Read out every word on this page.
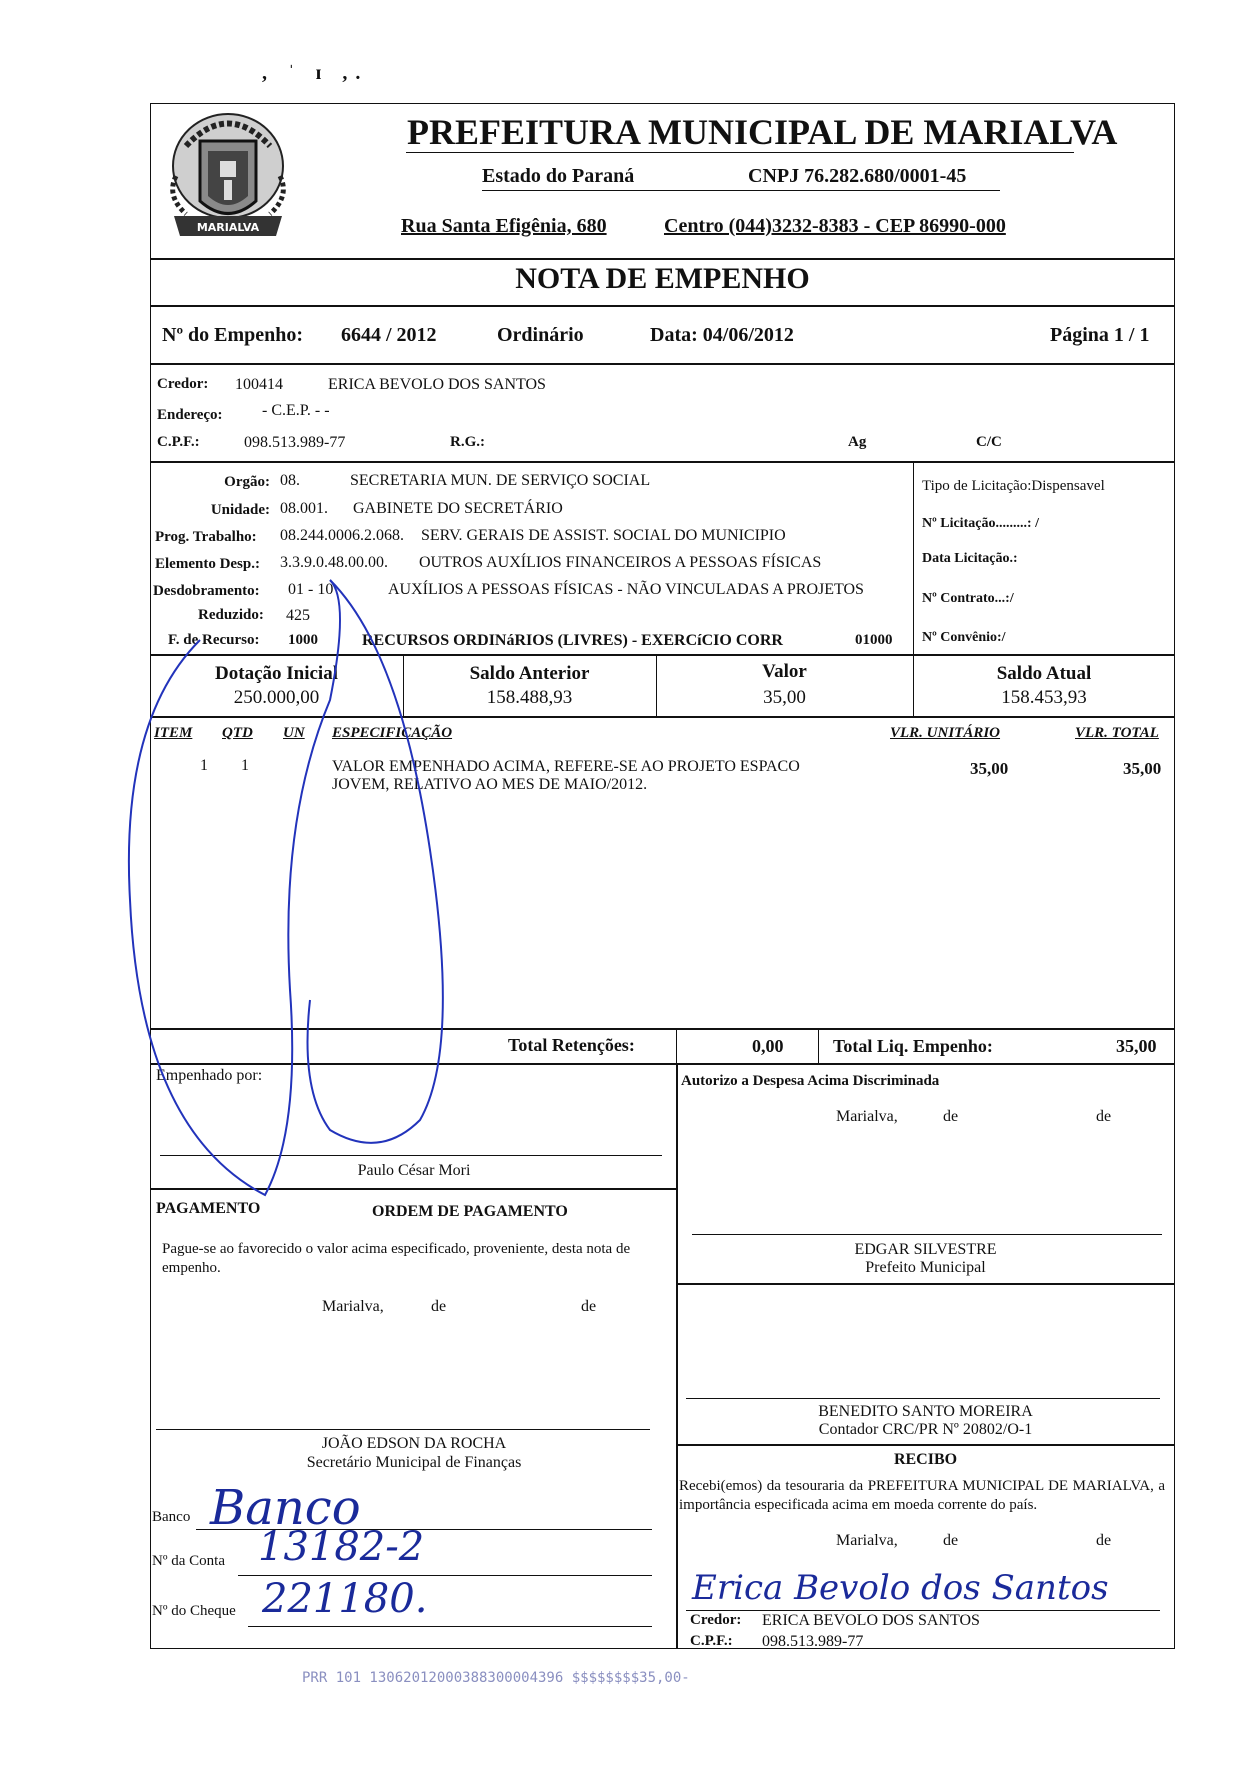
, ˈ ɪ ,.
MARIALVA
PREFEITURA MUNICIPAL DE MARIALVA
Estado do Paraná	CNPJ 76.282.680/0001-45
Rua Santa Efigênia, 680	Centro (044)3232-8383 - CEP 86990-000
NOTA DE EMPENHO
Nº do Empenho: 6644 / 2012	Ordinário	Data: 04/06/2012	Página 1 / 1
Credor: 100414	ERICA BEVOLO DOS SANTOS
Endereço: - C.E.P. - -
C.P.F.:	098.513.989-77	R.G.:	Ag	C/C
Orgão: 08.	SECRETARIA MUN. DE SERVIÇO SOCIAL
Unidade: 08.001. GABINETE DO SECRETÁRIO
Prog. Trabalho: 08.244.0006.2.068. SERV. GERAIS DE ASSIST. SOCIAL DO MUNICIPIO
Elemento Desp.: 3.3.9.0.48.00.00. OUTROS AUXÍLIOS FINANCEIROS A PESSOAS FÍSICAS
Desdobramento: 01 - 10	AUXÍLIOS A PESSOAS FÍSICAS - NÃO VINCULADAS A PROJETOS
Reduzido: 425
F. de Recurso: 1000	RECURSOS ORDINáRIOS (LIVRES) - EXERCíCIO CORR	01000
Tipo de Licitação:Dispensavel
Nº Licitação.........: /
Data Licitação.:
Nº Contrato...:/
Nº Convênio:/
Dotação Inicial
250.000,00
Saldo Anterior
158.488,93
Valor
35,00
Saldo Atual
158.453,93
ITEM QTD UN ESPECIFICAÇÃO	VLR. UNITÁRIO	VLR. TOTAL
1 1	VALOR EMPENHADO ACIMA, REFERE-SE AO PROJETO ESPACO
JOVEM, RELATIVO AO MES DE MAIO/2012.
35,00	35,00
Total Retenções:	0,00	Total Liq. Empenho:	35,00
Empenhado por:
Paulo César Mori
Autorizo a Despesa Acima Discriminada
Marialva,	de	de
EDGAR SILVESTRE
Prefeito Municipal
PAGAMENTO	ORDEM DE PAGAMENTO
Pague-se ao favorecido o valor acima especificado, proveniente, desta nota de empenho.
Marialva,	de	de
JOÃO EDSON DA ROCHA
Secretário Municipal de Finanças
Banco Banco
Nº da Conta 13182-2
Nº do Cheque 221180.
BENEDITO SANTO MOREIRA
Contador CRC/PR Nº 20802/O-1
RECIBO
Recebi(emos) da tesouraria da PREFEITURA MUNICIPAL DE MARIALVA, a importância especificada acima em moeda corrente do país.
Marialva,	de	de
Erica Bevolo dos Santos
Credor: ERICA BEVOLO DOS SANTOS
C.P.F.: 098.513.989-77
PRR 101 13062012000388300004396 $$$$$$$$35,00-
